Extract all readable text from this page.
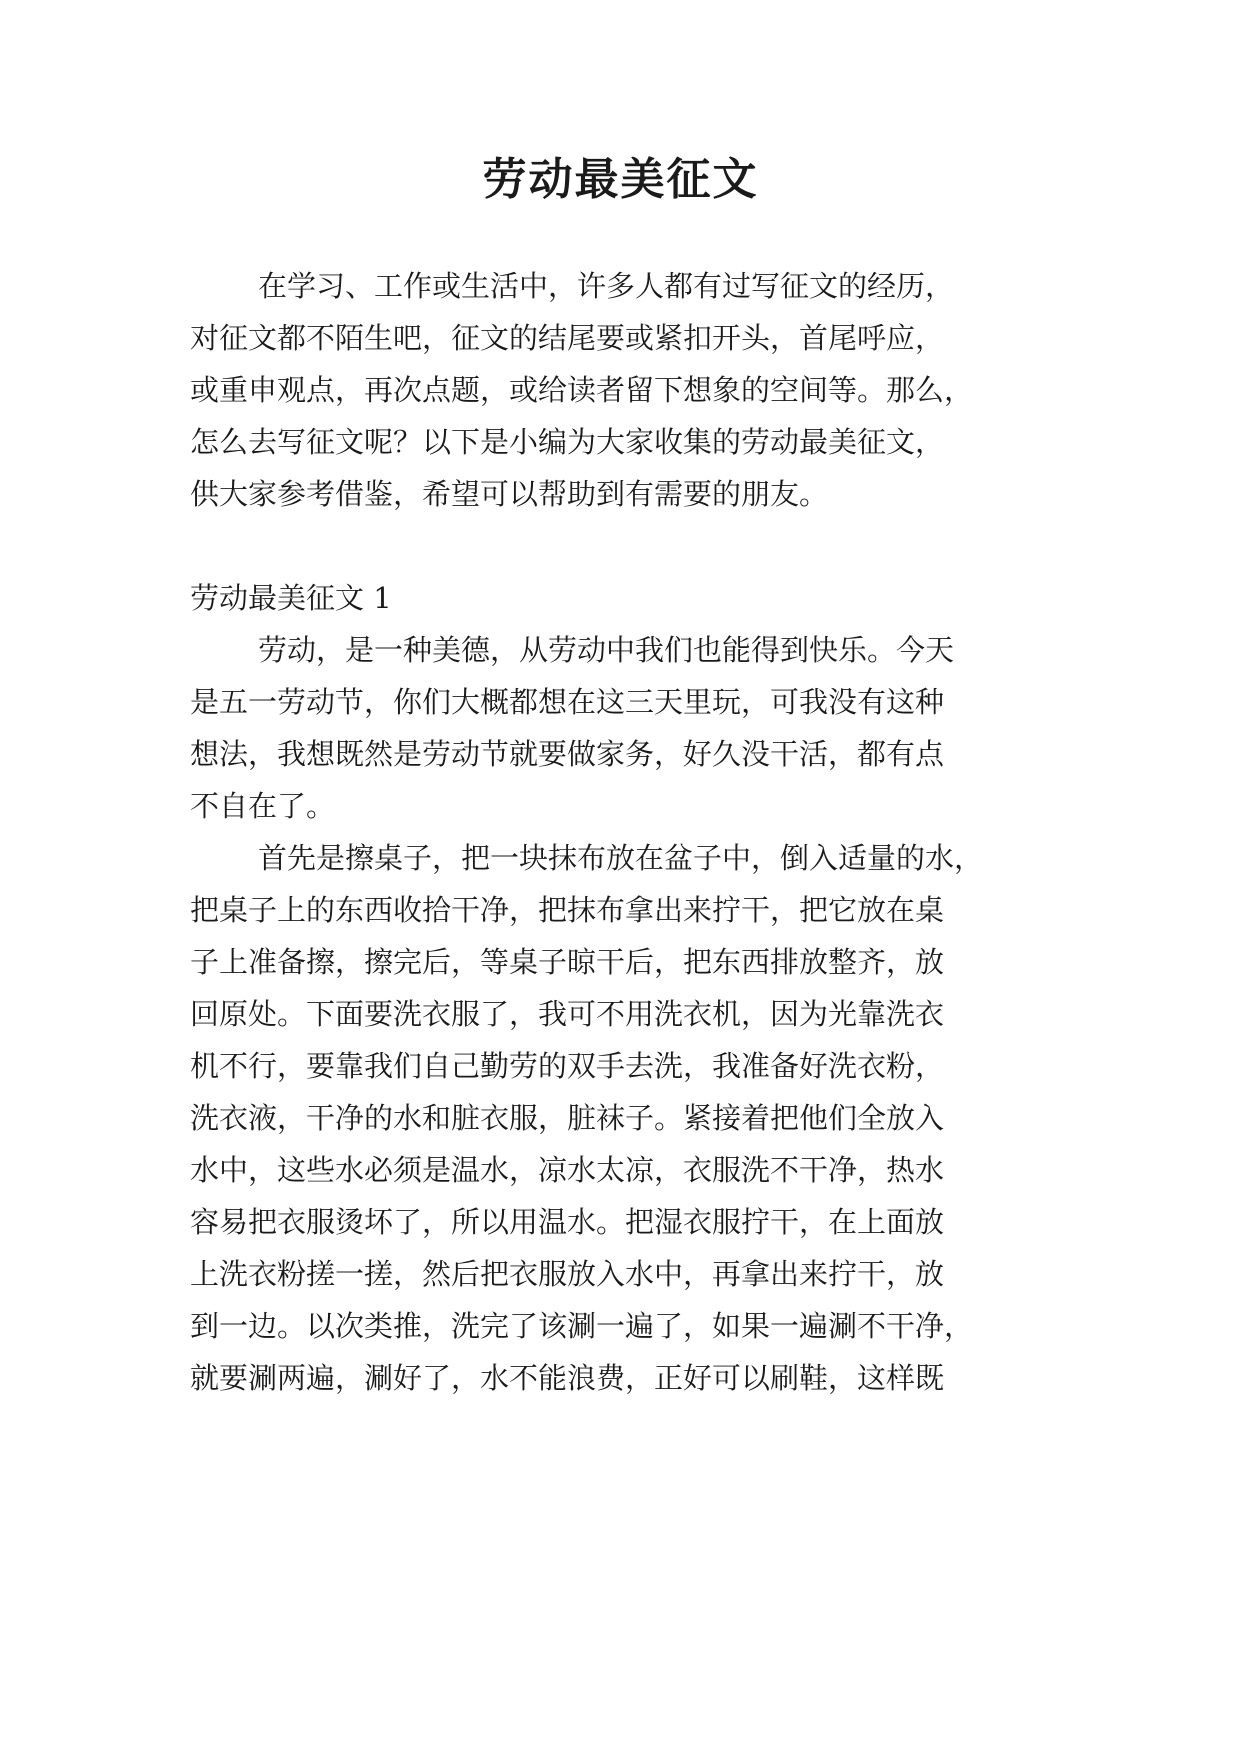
劳动最美征文

在学习、工作或生活中，许多人都有过写征文的经历，

对征文都不陌生吧，征文的结尾要或紧扣开头，首尾呼应，

或重申观点，再次点题，或给读者留下想象的空间等。那么，

怎么去写征文呢？以下是小编为大家收集的劳动最美征文，

供大家参考借鉴，希望可以帮助到有需要的朋友。

劳动最美征文 1

劳动，是一种美德，从劳动中我们也能得到快乐。今天

是五一劳动节，你们大概都想在这三天里玩，可我没有这种

想法，我想既然是劳动节就要做家务，好久没干活，都有点

不自在了。

首先是擦桌子，把一块抹布放在盆子中，倒入适量的水，

把桌子上的东西收拾干净，把抹布拿出来拧干，把它放在桌

子上准备擦，擦完后，等桌子晾干后，把东西排放整齐，放

回原处。下面要洗衣服了，我可不用洗衣机，因为光靠洗衣

机不行，要靠我们自己勤劳的双手去洗，我准备好洗衣粉，

洗衣液，干净的水和脏衣服，脏袜子。紧接着把他们全放入

水中，这些水必须是温水，凉水太凉，衣服洗不干净，热水

容易把衣服烫坏了，所以用温水。把湿衣服拧干，在上面放

上洗衣粉搓一搓，然后把衣服放入水中，再拿出来拧干，放

到一边。以次类推，洗完了该涮一遍了，如果一遍涮不干净，

就要涮两遍，涮好了，水不能浪费，正好可以刷鞋，这样既
